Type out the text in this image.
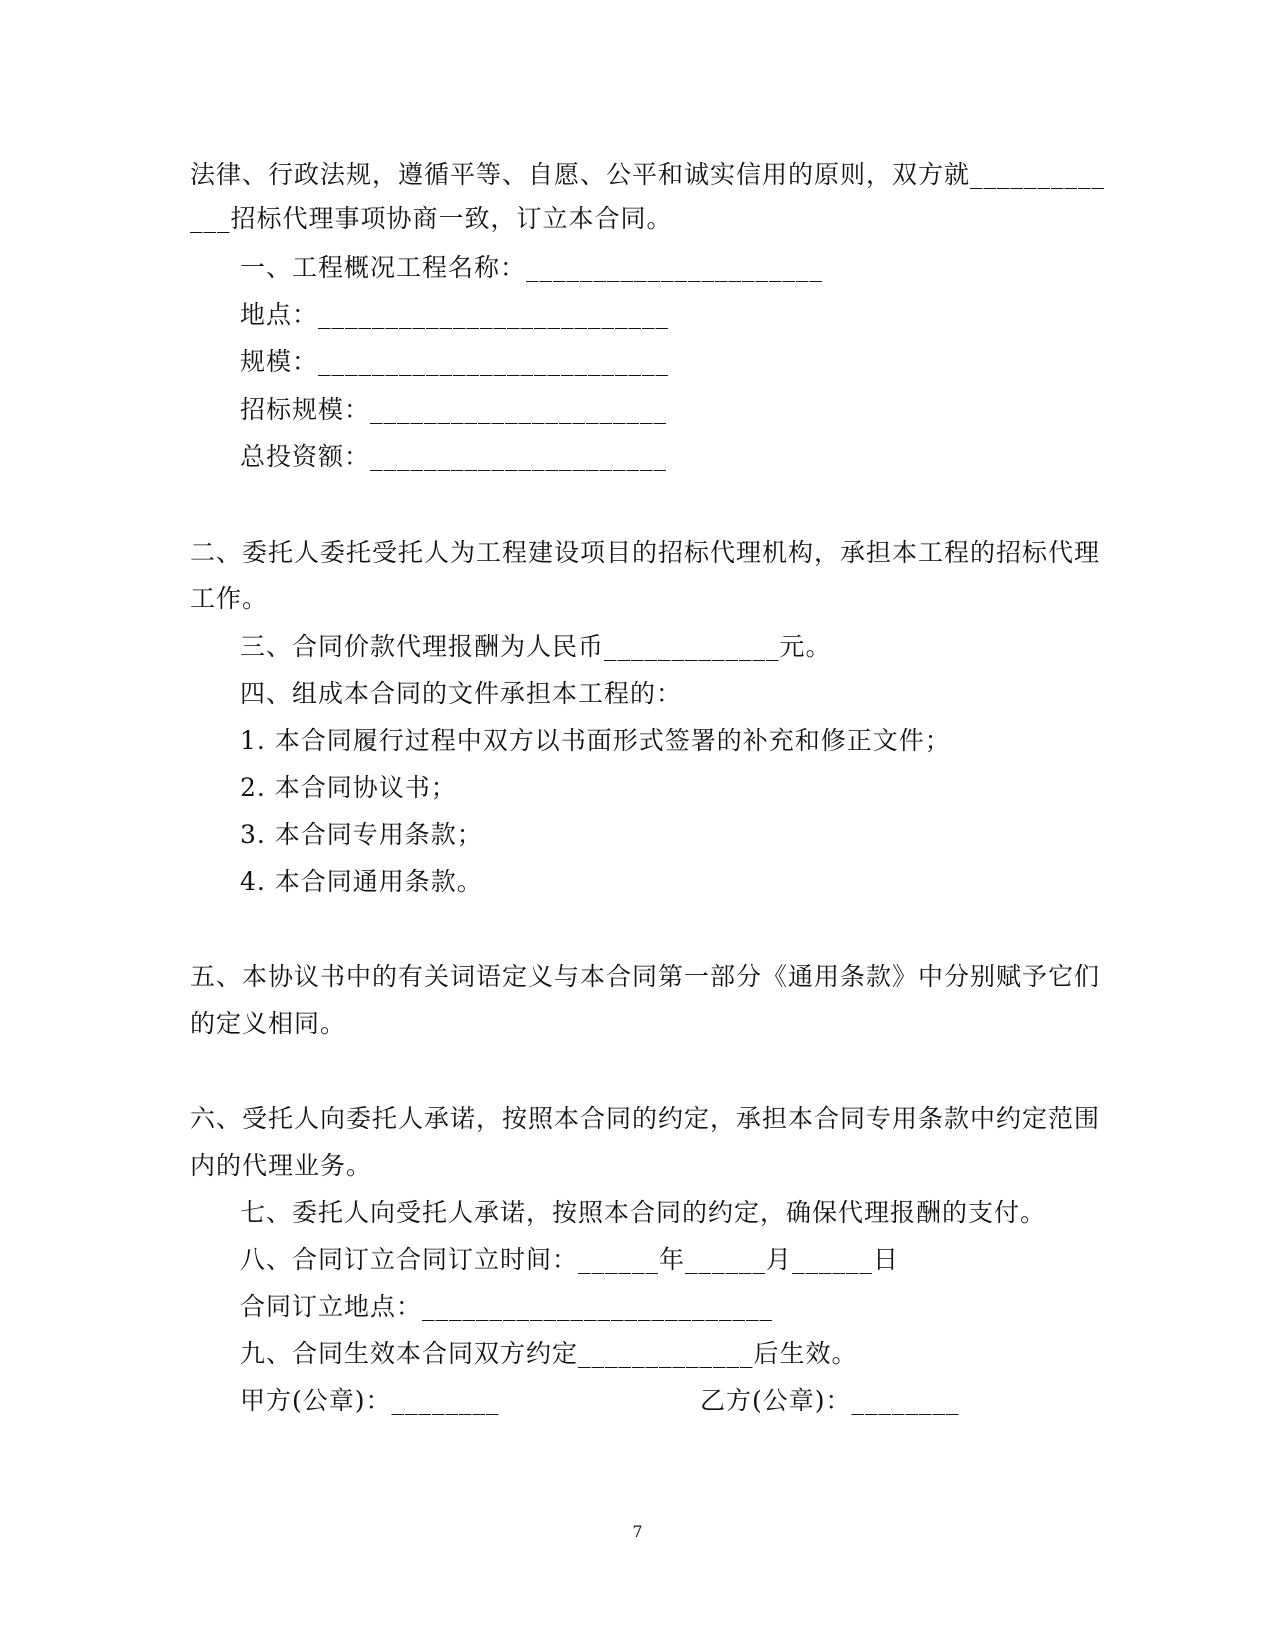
法律、行政法规，遵循平等、自愿、公平和诚实信用的原则，双方就__________
___招标代理事项协商一致，订立本合同。
一、工程概况工程名称：______________________
地点：__________________________
规模：__________________________
招标规模：______________________
总投资额：______________________
二、委托人委托受托人为工程建设项目的招标代理机构，承担本工程的招标代理
工作。
三、合同价款代理报酬为人民币_____________元。
四、组成本合同的文件承担本工程的：
1. 本合同履行过程中双方以书面形式签署的补充和修正文件；
2. 本合同协议书；
3. 本合同专用条款；
4. 本合同通用条款。
五、本协议书中的有关词语定义与本合同第一部分《通用条款》中分别赋予它们
的定义相同。
六、受托人向委托人承诺，按照本合同的约定，承担本合同专用条款中约定范围
内的代理业务。
七、委托人向受托人承诺，按照本合同的约定，确保代理报酬的支付。
八、合同订立合同订立时间：______年______月______日
合同订立地点：__________________________
九、合同生效本合同双方约定_____________后生效。
甲方(公章)：________	乙方(公章)：________
7
